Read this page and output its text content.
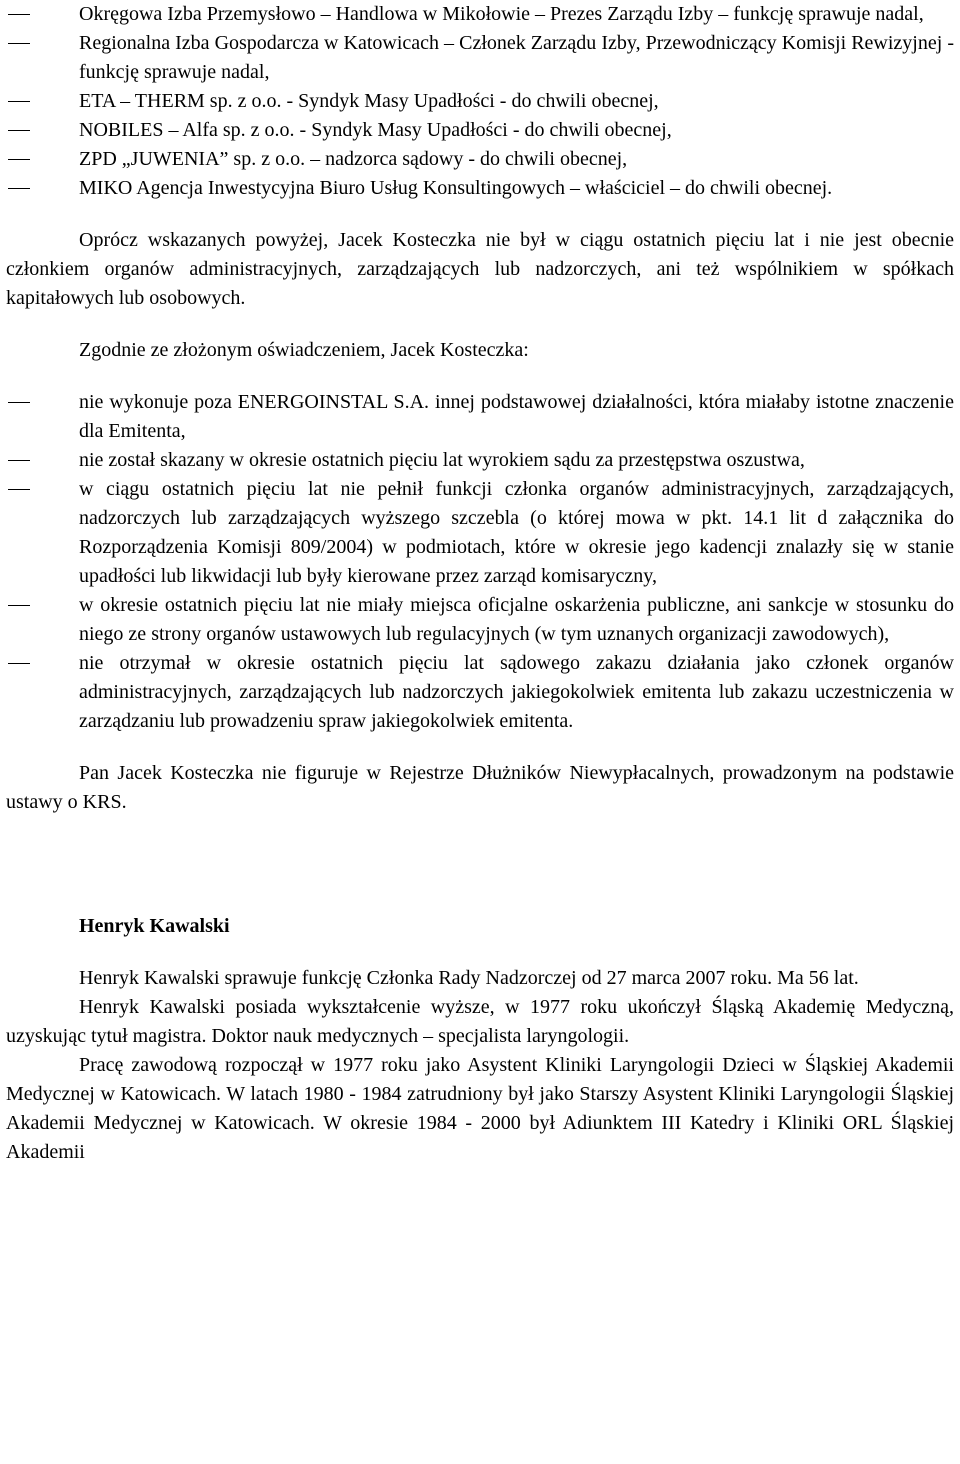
Okręgowa Izba Przemysłowo – Handlowa w Mikołowie – Prezes Zarządu Izby – funkcję sprawuje nadal,
Regionalna Izba Gospodarcza w Katowicach – Członek Zarządu Izby, Przewodniczący Komisji Rewizyjnej - funkcję sprawuje nadal,
ETA – THERM sp. z o.o. - Syndyk Masy Upadłości - do chwili obecnej,
NOBILES – Alfa sp. z o.o. - Syndyk Masy Upadłości - do chwili obecnej,
ZPD „JUWENIA” sp. z o.o. – nadzorca sądowy - do chwili obecnej,
MIKO Agencja Inwestycyjna Biuro Usług Konsultingowych – właściciel – do chwili obecnej.

Oprócz wskazanych powyżej, Jacek Kosteczka nie był w ciągu ostatnich pięciu lat i nie jest obecnie członkiem organów administracyjnych, zarządzających lub nadzorczych, ani też wspólnikiem w spółkach kapitałowych lub osobowych.

Zgodnie ze złożonym oświadczeniem, Jacek Kosteczka:

nie wykonuje poza ENERGOINSTAL S.A. innej podstawowej działalności, która miałaby istotne znaczenie dla Emitenta,
nie został skazany w okresie ostatnich pięciu lat wyrokiem sądu za przestępstwa oszustwa,
w ciągu ostatnich pięciu lat nie pełnił funkcji członka organów administracyjnych, zarządzających, nadzorczych lub zarządzających wyższego szczebla (o której mowa w pkt. 14.1 lit d załącznika do Rozporządzenia Komisji 809/2004) w podmiotach, które w okresie jego kadencji znalazły się w stanie upadłości lub likwidacji lub były kierowane przez zarząd komisaryczny,
w okresie ostatnich pięciu lat nie miały miejsca oficjalne oskarżenia publiczne, ani sankcje w stosunku do niego ze strony organów ustawowych lub regulacyjnych (w tym uznanych organizacji zawodowych),
nie otrzymał w okresie ostatnich pięciu lat sądowego zakazu działania jako członek organów administracyjnych, zarządzających lub nadzorczych jakiegokolwiek emitenta lub zakazu uczestniczenia w zarządzaniu lub prowadzeniu spraw jakiegokolwiek emitenta.

Pan Jacek Kosteczka nie figuruje w Rejestrze Dłużników Niewypłacalnych, prowadzonym na podstawie ustawy o KRS.

Henryk Kawalski

Henryk Kawalski sprawuje funkcję Członka Rady Nadzorczej od 27 marca 2007 roku. Ma 56 lat.

Henryk Kawalski posiada wykształcenie wyższe, w 1977 roku ukończył Śląską Akademię Medyczną, uzyskując tytuł magistra. Doktor nauk medycznych – specjalista laryngologii.

Pracę zawodową rozpoczął w 1977 roku jako Asystent Kliniki Laryngologii Dzieci w Śląskiej Akademii Medycznej w Katowicach. W latach 1980 - 1984 zatrudniony był jako Starszy Asystent Kliniki Laryngologii Śląskiej Akademii Medycznej w Katowicach. W okresie 1984 - 2000 był Adiunktem III Katedry i Kliniki ORL Śląskiej Akademii
